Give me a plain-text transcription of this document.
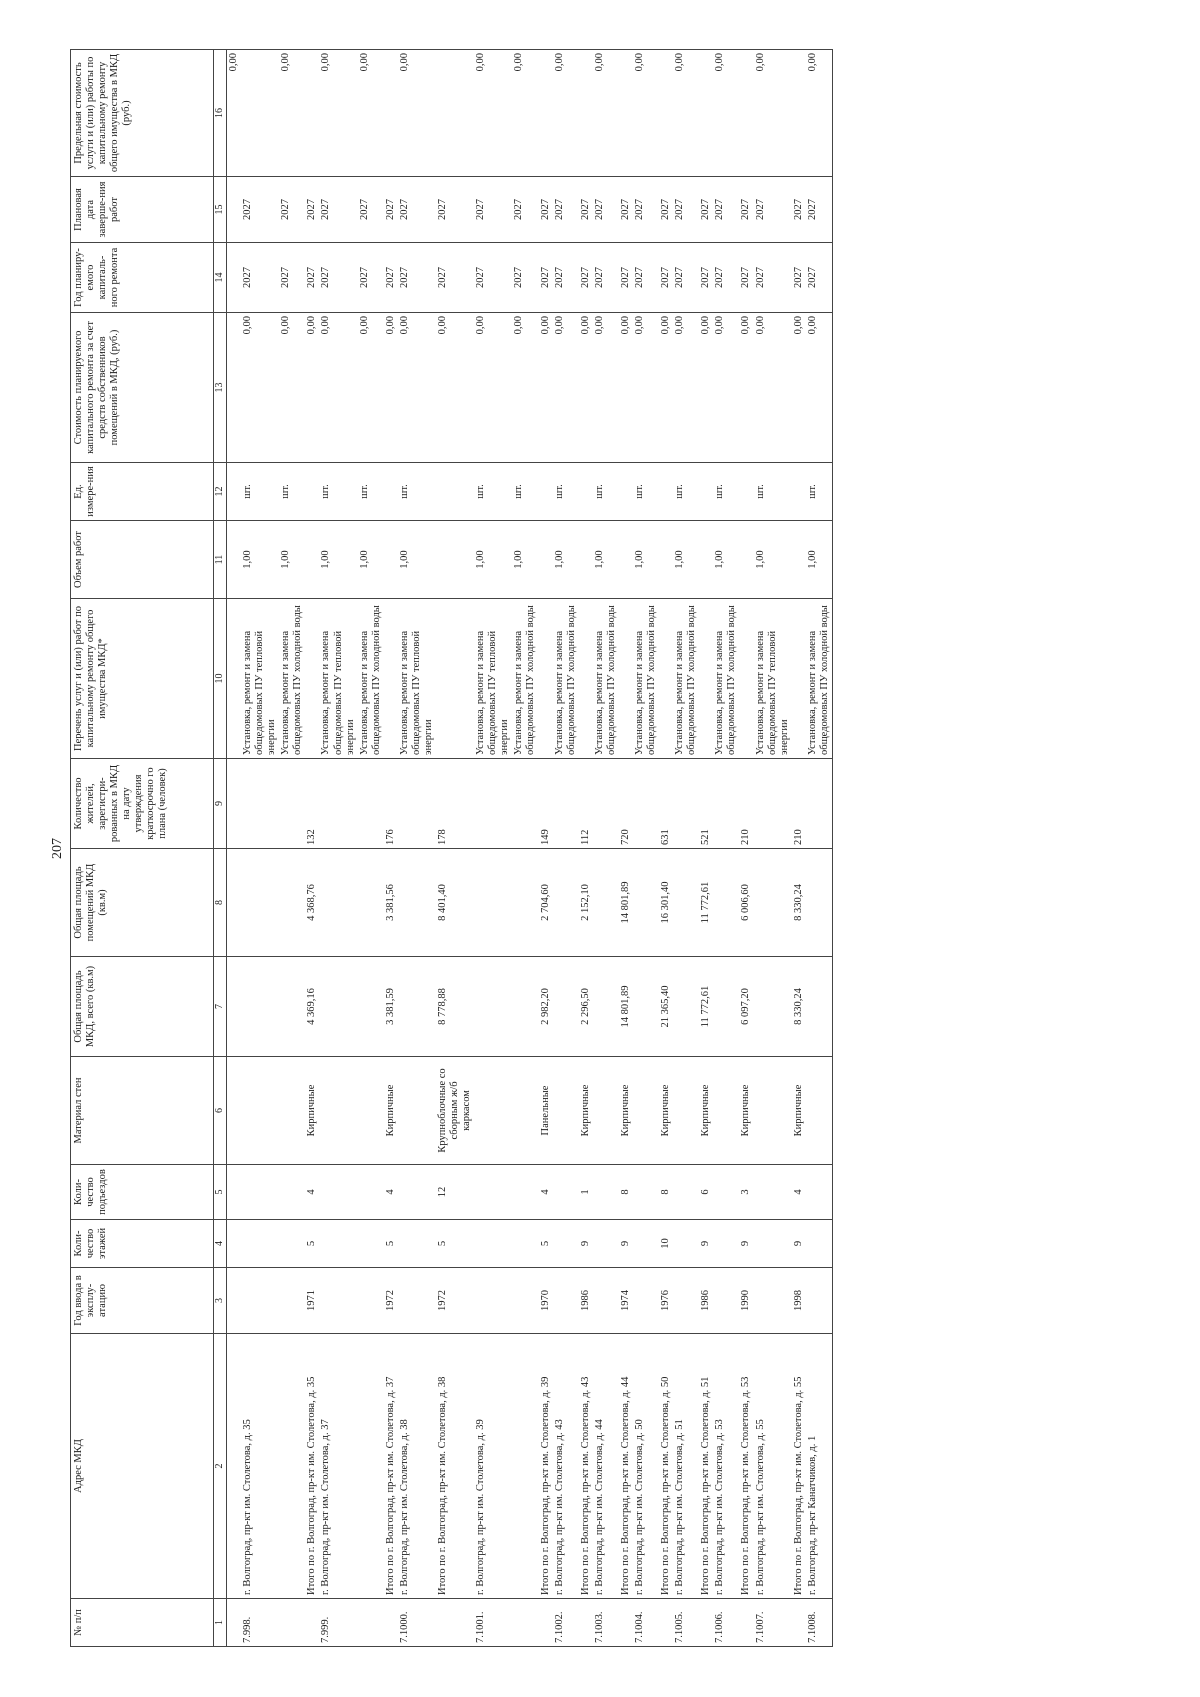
207
№ п/п	Адрес МКД	Год ввода в эксплу-атацию	Коли-чество этажей	Коли-чество подъездов	Материал стен	Общая площадь МКД, всего (кв.м)	Общая площадь помещений МКД (кв.м)	Количество жителей, зарегистри-рованных в МКД на дату утверждения краткосрочно го плана (человек)	Перечень услуг и (или) работ по капитальному ремонту общего имущества МКД*	Объем работ	Ед. измере-ния	Стоимость планируемого капитального ремонта за счет средств собственников помещений в МКД, (руб.)	Год планиру-емого капиталь-ного ремонта	Плановая дата заверше-ния работ	Предельная стоимость услуги и (или) работы по капитальному ремонту общего имущества в МКД (руб.)
1	2	3	4	5	6	7	8	9	10	11	12	13	14	15	16
															0,00
7.998.	г. Волгоград, пр-кт им. Столетова, д. 35								Установка, ремонт и замена общедомовых ПУ тепловой энергии	1,00	шт.	0,00	2027	2027	
									Установка, ремонт и замена общедомовых ПУ холодной воды	1,00	шт.	0,00	2027	2027	0,00
	Итого по г. Волгоград, пр-кт им. Столетова, д. 35	1971	5	4	Кирпичные	4 369,16	4 368,76	132				0,00	2027	2027	
7.999.	г. Волгоград, пр-кт им. Столетова, д. 37								Установка, ремонт и замена общедомовых ПУ тепловой энергии	1,00	шт.	0,00	2027	2027	0,00
									Установка, ремонт и замена общедомовых ПУ холодной воды	1,00	шт.	0,00	2027	2027	0,00
	Итого по г. Волгоград, пр-кт им. Столетова, д. 37	1972	5	4	Кирпичные	3 381,59	3 381,56	176				0,00	2027	2027	
7.1000.	г. Волгоград, пр-кт им. Столетова, д. 38								Установка, ремонт и замена общедомовых ПУ тепловой энергии	1,00	шт.	0,00	2027	2027	0,00
	Итого по г. Волгоград, пр-кт им. Столетова, д. 38	1972	5	12	Крупноблочные со сборным ж/б каркасом	8 778,88	8 401,40	178				0,00	2027	2027	
7.1001.	г. Волгоград, пр-кт им. Столетова, д. 39								Установка, ремонт и замена общедомовых ПУ тепловой энергии	1,00	шт.	0,00	2027	2027	0,00
									Установка, ремонт и замена общедомовых ПУ холодной воды	1,00	шт.	0,00	2027	2027	0,00
	Итого по г. Волгоград, пр-кт им. Столетова, д. 39	1970	5	4	Панельные	2 982,20	2 704,60	149				0,00	2027	2027	
7.1002.	г. Волгоград, пр-кт им. Столетова, д. 43								Установка, ремонт и замена общедомовых ПУ холодной воды	1,00	шт.	0,00	2027	2027	0,00
	Итого по г. Волгоград, пр-кт им. Столетова, д. 43	1986	9	1	Кирпичные	2 296,50	2 152,10	112				0,00	2027	2027	
7.1003.	г. Волгоград, пр-кт им. Столетова, д. 44								Установка, ремонт и замена общедомовых ПУ холодной воды	1,00	шт.	0,00	2027	2027	0,00
	Итого по г. Волгоград, пр-кт им. Столетова, д. 44	1974	9	8	Кирпичные	14 801,89	14 801,89	720				0,00	2027	2027	
7.1004.	г. Волгоград, пр-кт им. Столетова, д. 50								Установка, ремонт и замена общедомовых ПУ холодной воды	1,00	шт.	0,00	2027	2027	0,00
	Итого по г. Волгоград, пр-кт им. Столетова, д. 50	1976	10	8	Кирпичные	21 365,40	16 301,40	631				0,00	2027	2027	
7.1005.	г. Волгоград, пр-кт им. Столетова, д. 51								Установка, ремонт и замена общедомовых ПУ холодной воды	1,00	шт.	0,00	2027	2027	0,00
	Итого по г. Волгоград, пр-кт им. Столетова, д. 51	1986	9	6	Кирпичные	11 772,61	11 772,61	521				0,00	2027	2027	
7.1006.	г. Волгоград, пр-кт им. Столетова, д. 53								Установка, ремонт и замена общедомовых ПУ холодной воды	1,00	шт.	0,00	2027	2027	0,00
	Итого по г. Волгоград, пр-кт им. Столетова, д. 53	1990	9	3	Кирпичные	6 097,20	6 006,60	210				0,00	2027	2027	
7.1007.	г. Волгоград, пр-кт им. Столетова, д. 55								Установка, ремонт и замена общедомовых ПУ тепловой энергии	1,00	шт.	0,00	2027	2027	0,00
	Итого по г. Волгоград, пр-кт им. Столетова, д. 55	1998	9	4	Кирпичные	8 330,24	8 330,24	210				0,00	2027	2027	
7.1008.	г. Волгоград, пр-кт Канатчиков, д. 1								Установка, ремонт и замена общедомовых ПУ холодной воды	1,00	шт.	0,00	2027	2027	0,00
